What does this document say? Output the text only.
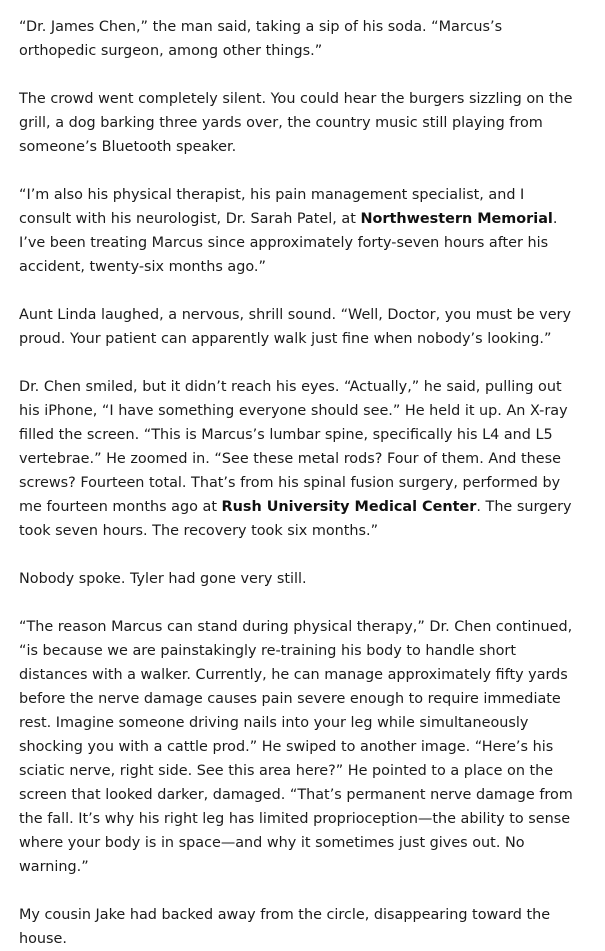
“Dr. James Chen,” the man said, taking a sip of his soda. “Marcus’s orthopedic surgeon, among other things.”

The crowd went completely silent. You could hear the burgers sizzling on the grill, a dog barking three yards over, the country music still playing from someone’s Bluetooth speaker.

“I’m also his physical therapist, his pain management specialist, and I consult with his neurologist, Dr. Sarah Patel, at Northwestern Memorial. I’ve been treating Marcus since approximately forty-seven hours after his accident, twenty-six months ago.”

Aunt Linda laughed, a nervous, shrill sound. “Well, Doctor, you must be very proud. Your patient can apparently walk just fine when nobody’s looking.”

Dr. Chen smiled, but it didn’t reach his eyes. “Actually,” he said, pulling out his iPhone, “I have something everyone should see.” He held it up. An X-ray filled the screen. “This is Marcus’s lumbar spine, specifically his L4 and L5 vertebrae.” He zoomed in. “See these metal rods? Four of them. And these screws? Fourteen total. That’s from his spinal fusion surgery, performed by me fourteen months ago at Rush University Medical Center. The surgery took seven hours. The recovery took six months.”

Nobody spoke. Tyler had gone very still.

“The reason Marcus can stand during physical therapy,” Dr. Chen continued, “is because we are painstakingly re-training his body to handle short distances with a walker. Currently, he can manage approximately fifty yards before the nerve damage causes pain severe enough to require immediate rest. Imagine someone driving nails into your leg while simultaneously shocking you with a cattle prod.” He swiped to another image. “Here’s his sciatic nerve, right side. See this area here?” He pointed to a place on the screen that looked darker, damaged. “That’s permanent nerve damage from the fall. It’s why his right leg has limited proprioception—the ability to sense where your body is in space—and why it sometimes just gives out. No warning.”

My cousin Jake had backed away from the circle, disappearing toward the house.
